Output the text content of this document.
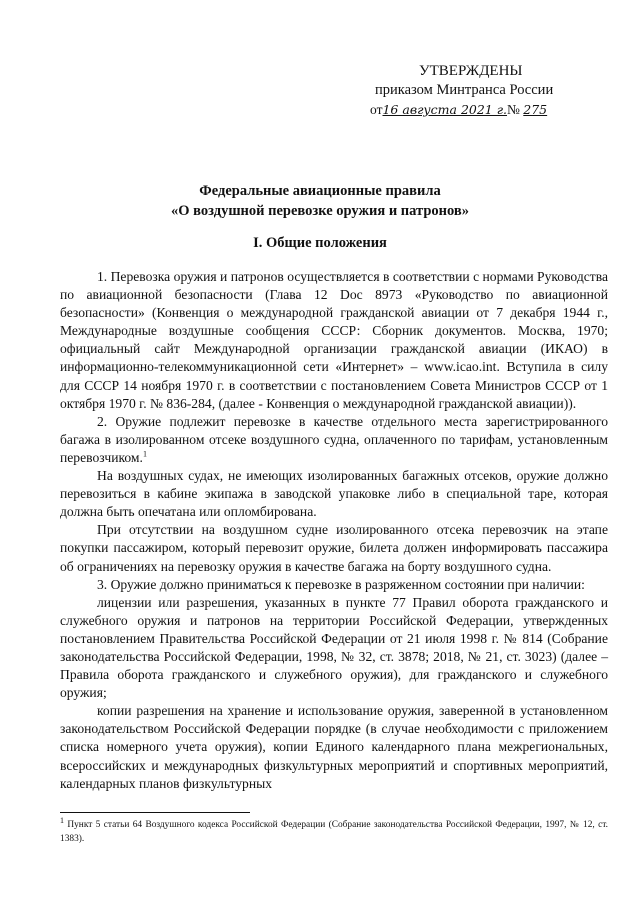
УТВЕРЖДЕНЫ
приказом Минтранса России
от16 августа 2021 г.№ 275
Федеральные авиационные правила
«О воздушной перевозке оружия и патронов»
I. Общие положения

1. Перевозка оружия и патронов осуществляется в соответствии с нормами Руководства по авиационной безопасности (Глава 12 Doc 8973 «Руководство по авиационной безопасности» (Конвенция о международной гражданской авиации от 7 декабря 1944 г., Международные воздушные сообщения СССР: Сборник документов. Москва, 1970; официальный сайт Международной организации гражданской авиации (ИКАО) в информационно-телекоммуникационной сети «Интернет» – www.icao.int. Вступила в силу для СССР 14 ноября 1970 г. в соответствии с постановлением Совета Министров СССР от 1 октября 1970 г. № 836-284, (далее - Конвенция о международной гражданской авиации)).

2. Оружие подлежит перевозке в качестве отдельного места зарегистрированного багажа в изолированном отсеке воздушного судна, оплаченного по тарифам, установленным перевозчиком.$^1$

На воздушных судах, не имеющих изолированных багажных отсеков, оружие должно перевозиться в кабине экипажа в заводской упаковке либо в специальной таре, которая должна быть опечатана или опломбирована.

При отсутствии на воздушном судне изолированного отсека перевозчик на этапе покупки пассажиром, который перевозит оружие, билета должен информировать пассажира об ограничениях на перевозку оружия в качестве багажа на борту воздушного судна.

3. Оружие должно приниматься к перевозке в разряженном состоянии при наличии:

лицензии или разрешения, указанных в пункте 77 Правил оборота гражданского и служебного оружия и патронов на территории Российской Федерации, утвержденных постановлением Правительства Российской Федерации от 21 июля 1998 г. № 814 (Собрание законодательства Российской Федерации, 1998, № 32, ст. 3878; 2018, № 21, ст. 3023) (далее – Правила оборота гражданского и служебного оружия), для гражданского и служебного оружия;

копии разрешения на хранение и использование оружия, заверенной в установленном законодательством Российской Федерации порядке (в случае необходимости с приложением списка номерного учета оружия), копии Единого календарного плана межрегиональных, всероссийских и международных физкультурных мероприятий и спортивных мероприятий, календарных планов физкультурных

1 Пункт 5 статьи 64 Воздушного кодекса Российской Федерации (Собрание законодательства Российской Федерации, 1997, № 12, ст. 1383).
